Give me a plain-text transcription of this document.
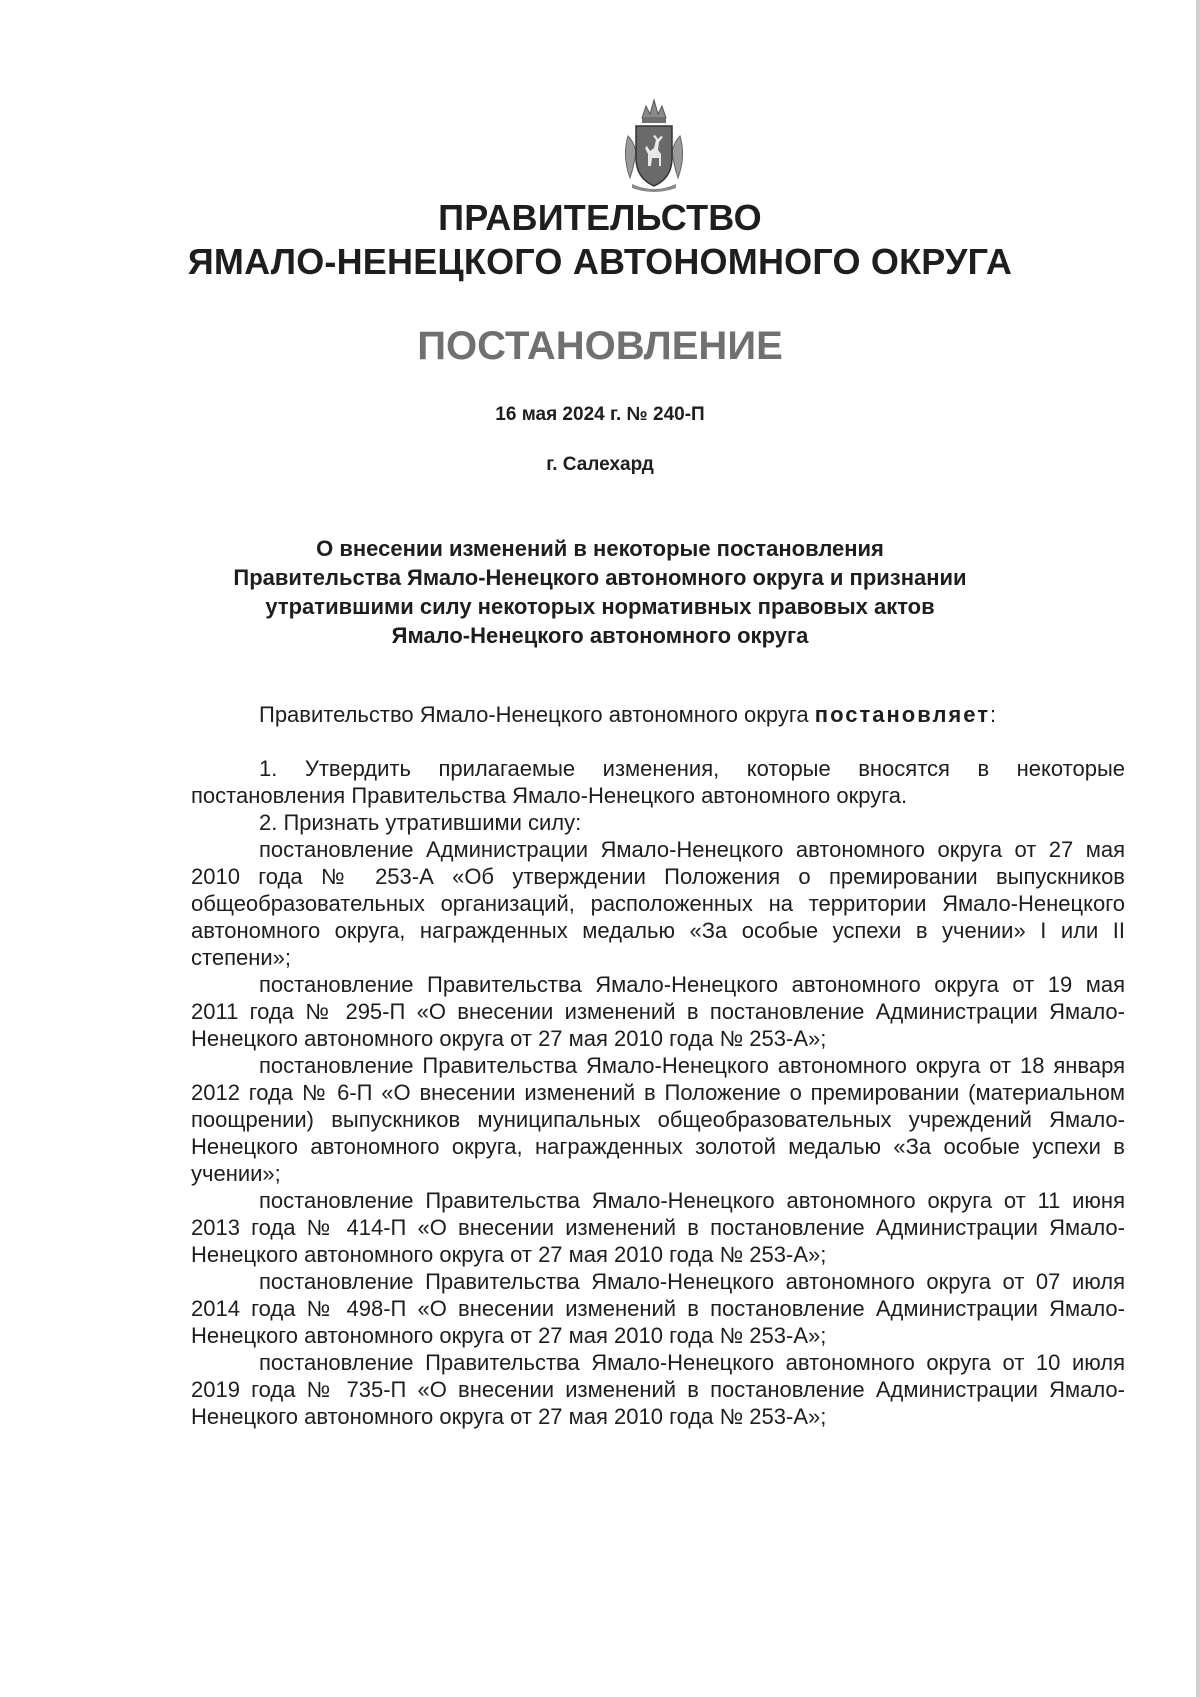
ПРАВИТЕЛЬСТВО
ЯМАЛО-НЕНЕЦКОГО АВТОНОМНОГО ОКРУГА
ПОСТАНОВЛЕНИЕ
16 мая 2024 г. № 240-П
г. Салехард
О внесении изменений в некоторые постановления
Правительства Ямало-Ненецкого автономного округа и признании
утратившими силу некоторых нормативных правовых актов
Ямало-Ненецкого автономного округа
Правительство Ямало-Ненецкого автономного округа постановляет:

1. Утвердить прилагаемые изменения, которые вносятся в некоторые постановления Правительства Ямало-Ненецкого автономного округа.

2. Признать утратившими силу:

постановление Администрации Ямало-Ненецкого автономного округа от 27 мая 2010 года № 253-А «Об утверждении Положения о премировании выпускников общеобразовательных организаций, расположенных на территории Ямало-Ненецкого автономного округа, награжденных медалью «За особые успехи в учении» I или II степени»;

постановление Правительства Ямало-Ненецкого автономного округа от 19 мая 2011 года № 295-П «О внесении изменений в постановление Администрации Ямало-Ненецкого автономного округа от 27 мая 2010 года № 253-А»;

постановление Правительства Ямало-Ненецкого автономного округа от 18 января 2012 года № 6-П «О внесении изменений в Положение о премировании (материальном поощрении) выпускников муниципальных общеобразовательных учреждений Ямало-Ненецкого автономного округа, награжденных золотой медалью «За особые успехи в учении»;

постановление Правительства Ямало-Ненецкого автономного округа от 11 июня 2013 года № 414-П «О внесении изменений в постановление Администрации Ямало-Ненецкого автономного округа от 27 мая 2010 года № 253-А»;

постановление Правительства Ямало-Ненецкого автономного округа от 07 июля 2014 года № 498-П «О внесении изменений в постановление Администрации Ямало-Ненецкого автономного округа от 27 мая 2010 года № 253-А»;

постановление Правительства Ямало-Ненецкого автономного округа от 10 июля 2019 года № 735-П «О внесении изменений в постановление Администрации Ямало-Ненецкого автономного округа от 27 мая 2010 года № 253-А»;
